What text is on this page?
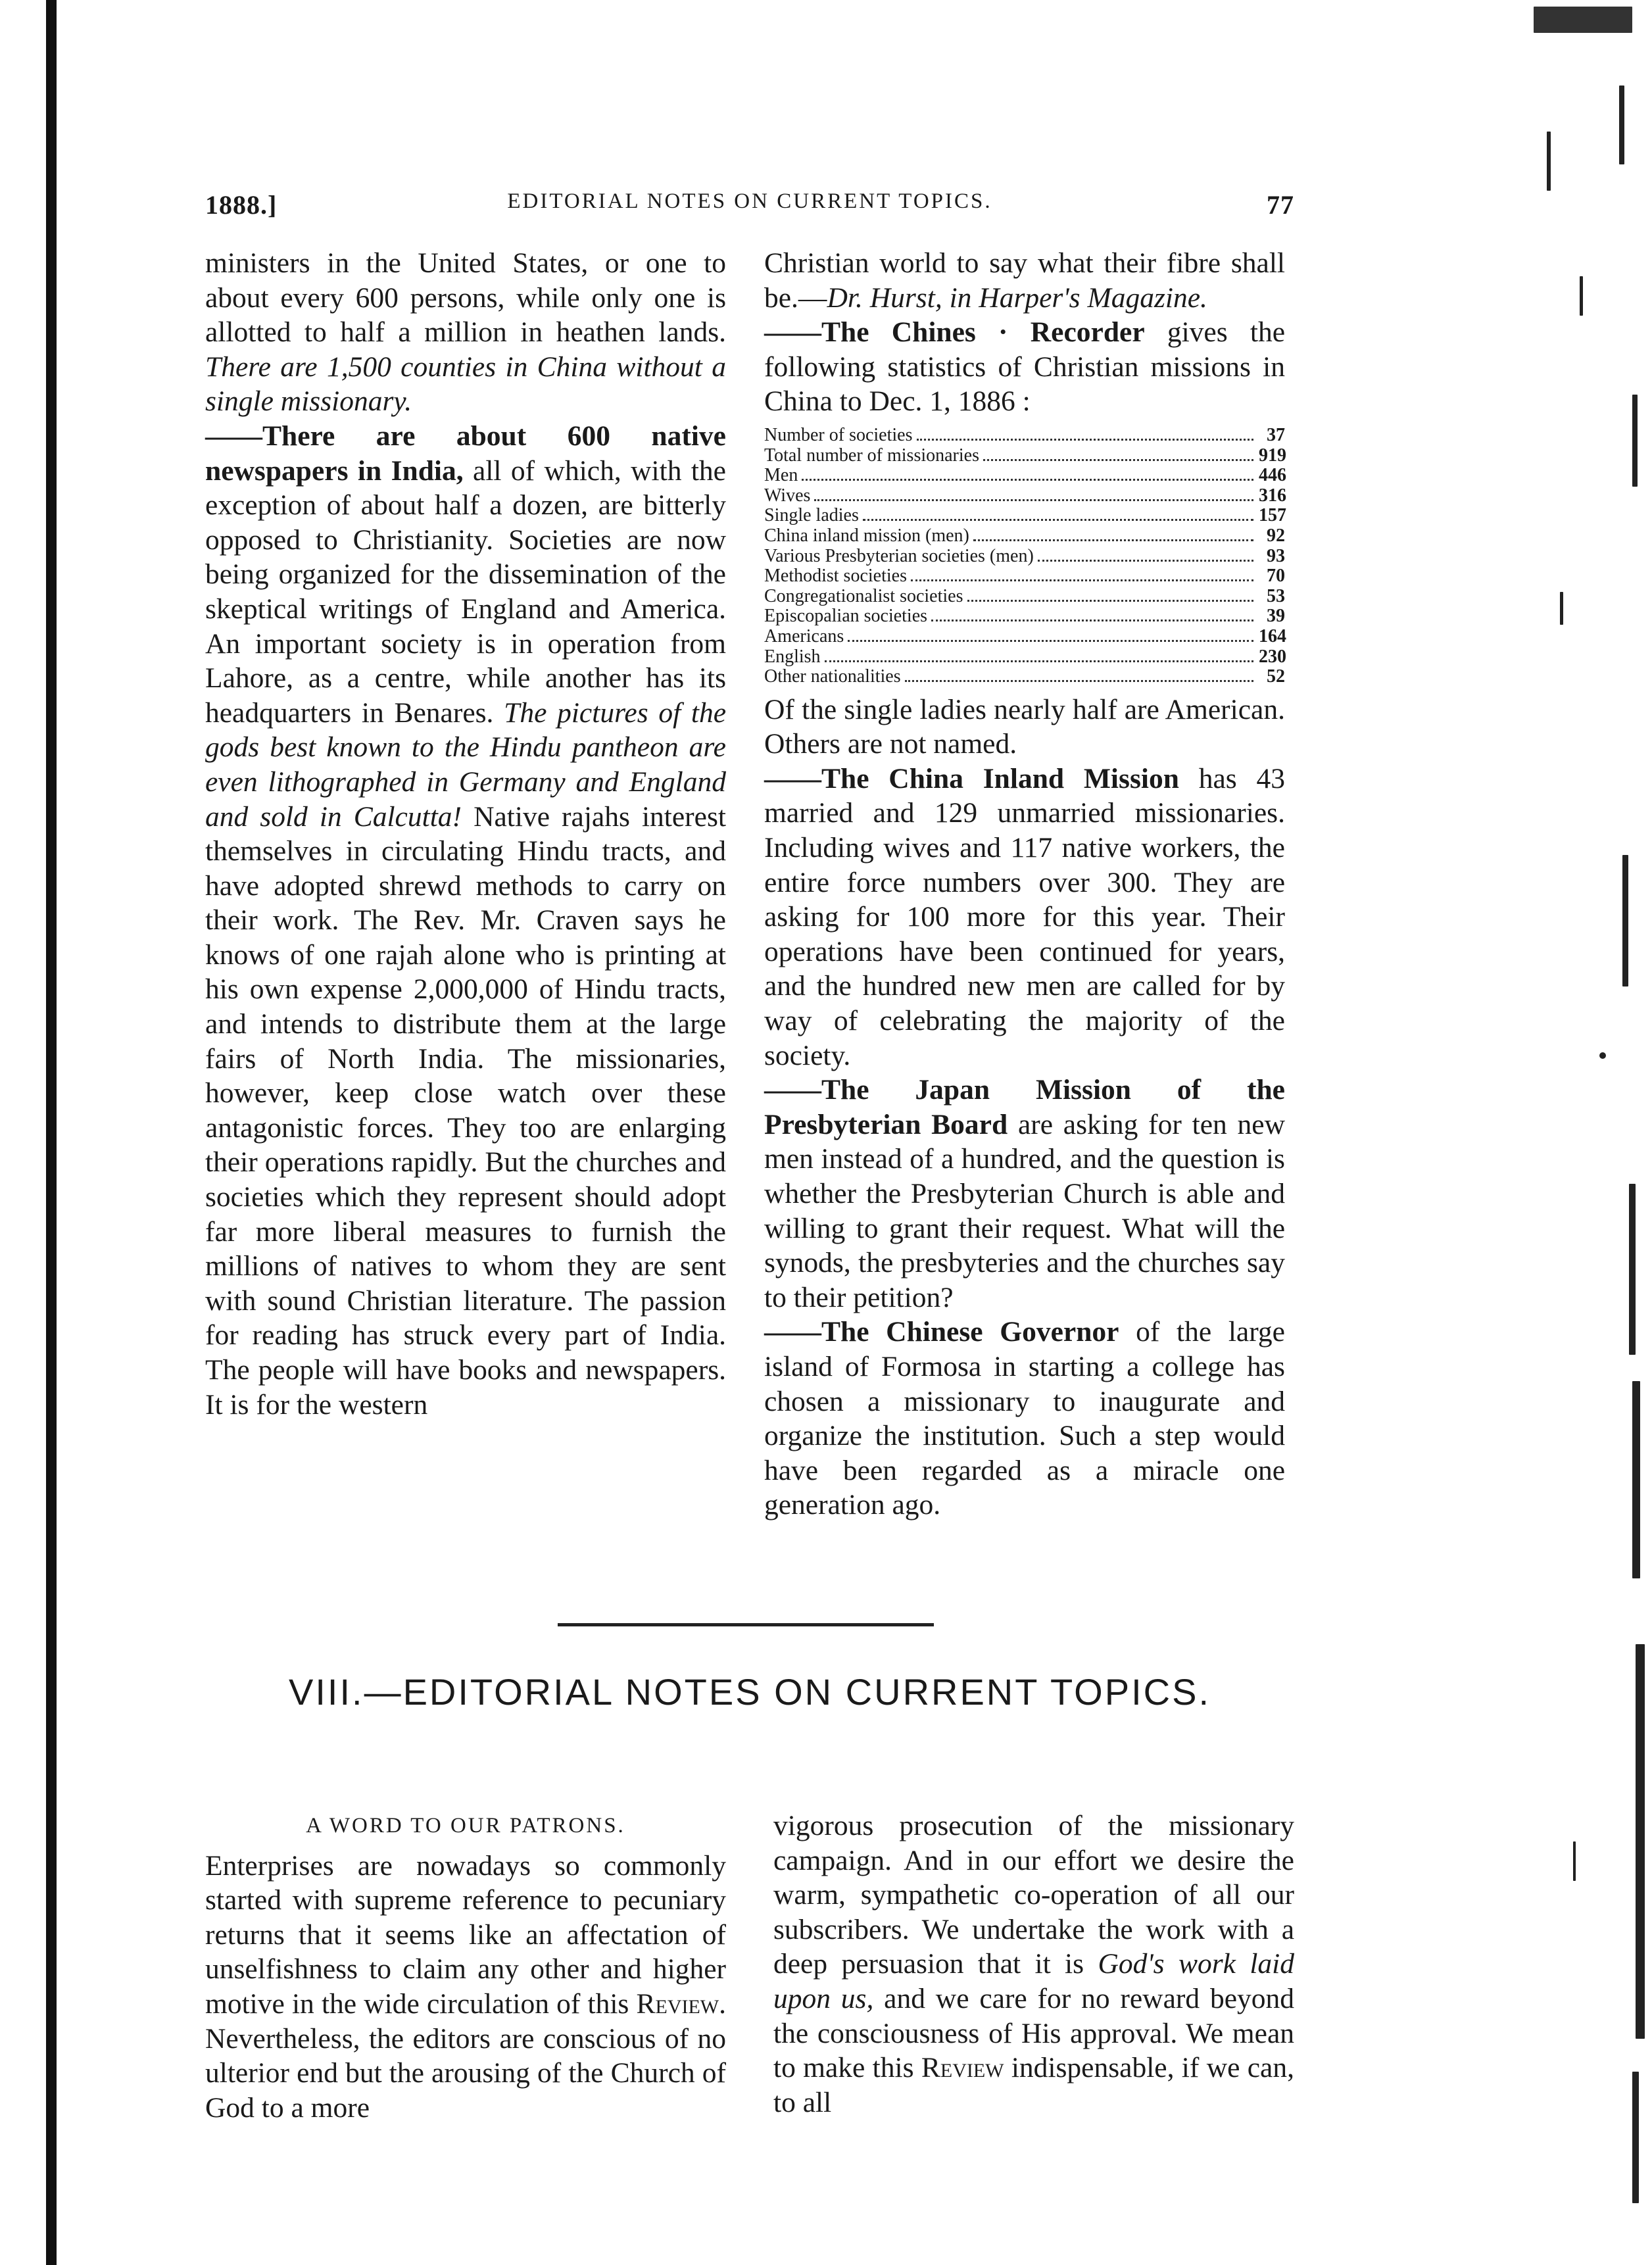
1888.]	EDITORIAL NOTES ON CURRENT TOPICS.	77

ministers in the United States, or one to about every 600 persons, while only one is allotted to half a million in heathen lands. There are 1,500 counties in China without a single missionary.

——There are about 600 native newspapers in India, all of which, with the exception of about half a dozen, are bitterly opposed to Christianity. Societies are now being organized for the dissemination of the skeptical writings of England and America. An important society is in operation from Lahore, as a centre, while another has its headquarters in Benares. The pictures of the gods best known to the Hindu pantheon are even lithographed in Germany and England and sold in Calcutta! Native rajahs interest themselves in circulating Hindu tracts, and have adopted shrewd methods to carry on their work. The Rev. Mr. Craven says he knows of one rajah alone who is printing at his own expense 2,000,000 of Hindu tracts, and intends to distribute them at the large fairs of North India. The missionaries, however, keep close watch over these antagonistic forces. They too are enlarging their operations rapidly. But the churches and societies which they represent should adopt far more liberal measures to furnish the millions of natives to whom they are sent with sound Christian literature. The passion for reading has struck every part of India. The people will have books and newspapers. It is for the western

Christian world to say what their fibre shall be.—Dr. Hurst, in Harper's Magazine.

——The Chines · Recorder gives the following statistics of Christian missions in China to Dec. 1, 1886 :

Number of societies	37
Total number of missionaries	919
Men	446
Wives	316
Single ladies	157
China inland mission (men)	92
Various Presbyterian societies (men)	93
Methodist societies	70
Congregationalist societies	53
Episcopalian societies	39
Americans	164
English	230
Other nationalities	52

Of the single ladies nearly half are American. Others are not named.

——The China Inland Mission has 43 married and 129 unmarried missionaries. Including wives and 117 native workers, the entire force numbers over 300. They are asking for 100 more for this year. Their operations have been continued for years, and the hundred new men are called for by way of celebrating the majority of the society.

——The Japan Mission of the Presbyterian Board are asking for ten new men instead of a hundred, and the question is whether the Presbyterian Church is able and willing to grant their request. What will the synods, the presbyteries and the churches say to their petition?

——The Chinese Governor of the large island of Formosa in starting a college has chosen a missionary to inaugurate and organize the institution. Such a step would have been regarded as a miracle one generation ago.

VIII.—EDITORIAL NOTES ON CURRENT TOPICS.
A WORD TO OUR PATRONS.

Enterprises are nowadays so commonly started with supreme reference to pecuniary returns that it seems like an affectation of unselfishness to claim any other and higher motive in the wide circulation of this Review. Nevertheless, the editors are conscious of no ulterior end but the arousing of the Church of God to a more

vigorous prosecution of the missionary campaign. And in our effort we desire the warm, sympathetic co-operation of all our subscribers. We undertake the work with a deep persuasion that it is God's work laid upon us, and we care for no reward beyond the consciousness of His approval. We mean to make this Review indispensable, if we can, to all
